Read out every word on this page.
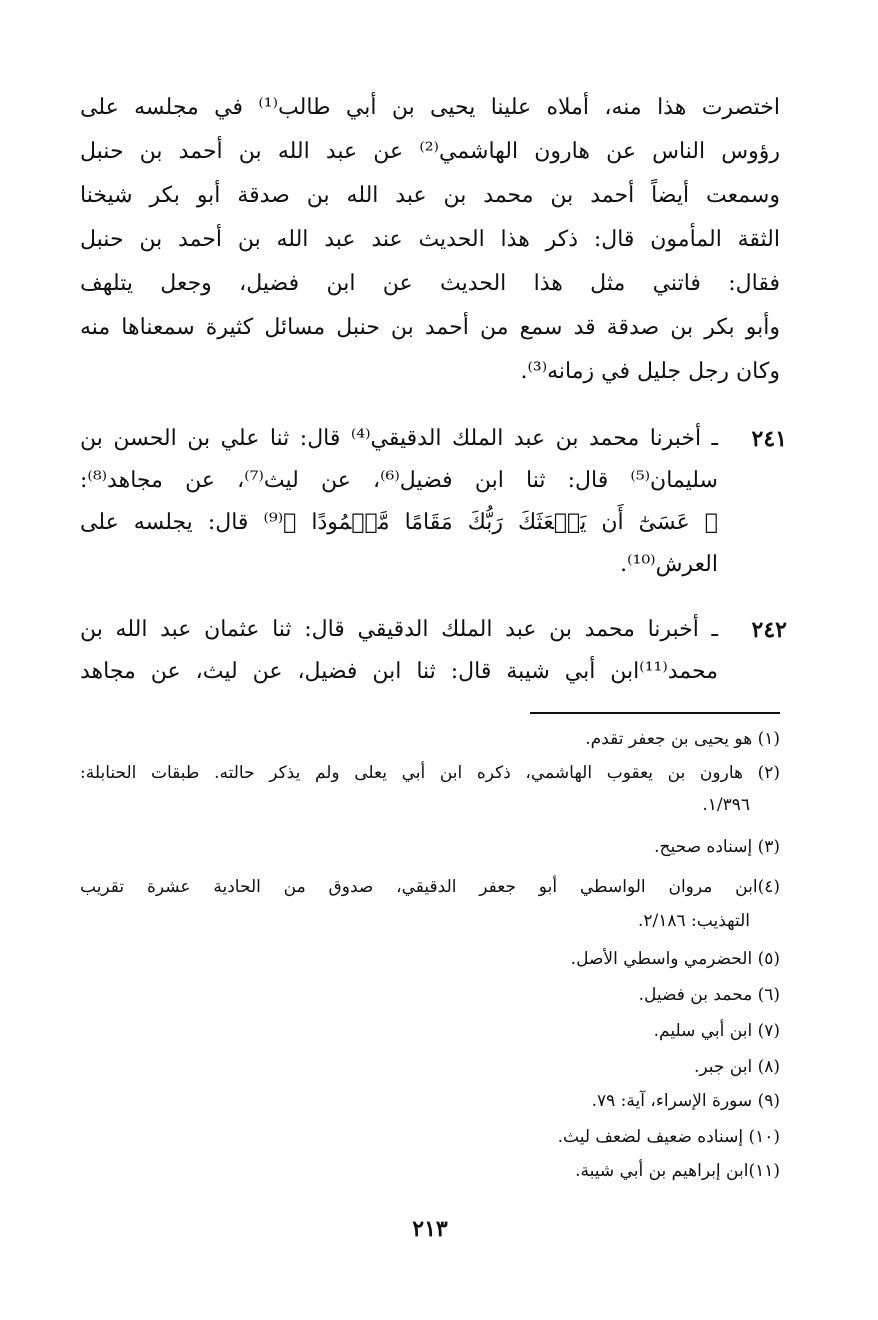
اختصرت هذا منه، أملاه علينا يحيى بن أبي طالب⁽¹⁾ في مجلسه على
رؤوس الناس عن هارون الهاشمي⁽²⁾ عن عبد الله بن أحمد بن حنبل
وسمعت أيضاً أحمد بن محمد بن عبد الله بن صدقة أبو بكر شيخنا
الثقة المأمون قال: ذكر هذا الحديث عند عبد الله بن أحمد بن حنبل
فقال: فاتني مثل هذا الحديث عن ابن فضيل، وجعل يتلهف
وأبو بكر بن صدقة قد سمع من أحمد بن حنبل مسائل كثيرة سمعناها منه
وكان رجل جليل في زمانه⁽³⁾.
٢٤١
ـ أخبرنا محمد بن عبد الملك الدقيقي⁽⁴⁾ قال: ثنا علي بن الحسن بن
سليمان⁽⁵⁾ قال: ثنا ابن فضيل⁽⁶⁾، عن ليث⁽⁷⁾، عن مجاهد⁽⁸⁾:
﴿ عَسَىٰٓ أَن يَبۡعَثَكَ رَبُّكَ مَقَامًا مَّحۡمُودًا ﴾⁽⁹⁾ قال: يجلسه على
العرش⁽¹⁰⁾.
٢٤٢
ـ أخبرنا محمد بن عبد الملك الدقيقي قال: ثنا عثمان عبد الله بن
محمد⁽¹¹⁾ابن أبي شيبة قال: ثنا ابن فضيل، عن ليث، عن مجاهد
(١) هو يحيى بن جعفر تقدم.
(٢) هارون بن يعقوب الهاشمي، ذكره ابن أبي يعلى ولم يذكر حالته. طبقات الحنابلة:
١/٣٩٦.
(٣) إسناده صحيح.
(٤)ابن مروان الواسطي أبو جعفر الدقيقي، صدوق من الحادية عشرة تقريب
التهذيب: ٢/١٨٦.
(٥) الحضرمي واسطي الأصل.
(٦) محمد بن فضيل.
(٧) ابن أبي سليم.
(٨) ابن جبر.
(٩) سورة الإسراء، آية: ٧٩.
(١٠) إسناده ضعيف لضعف ليث.
(١١)ابن إبراهيم بن أبي شيبة.
٢١٣
